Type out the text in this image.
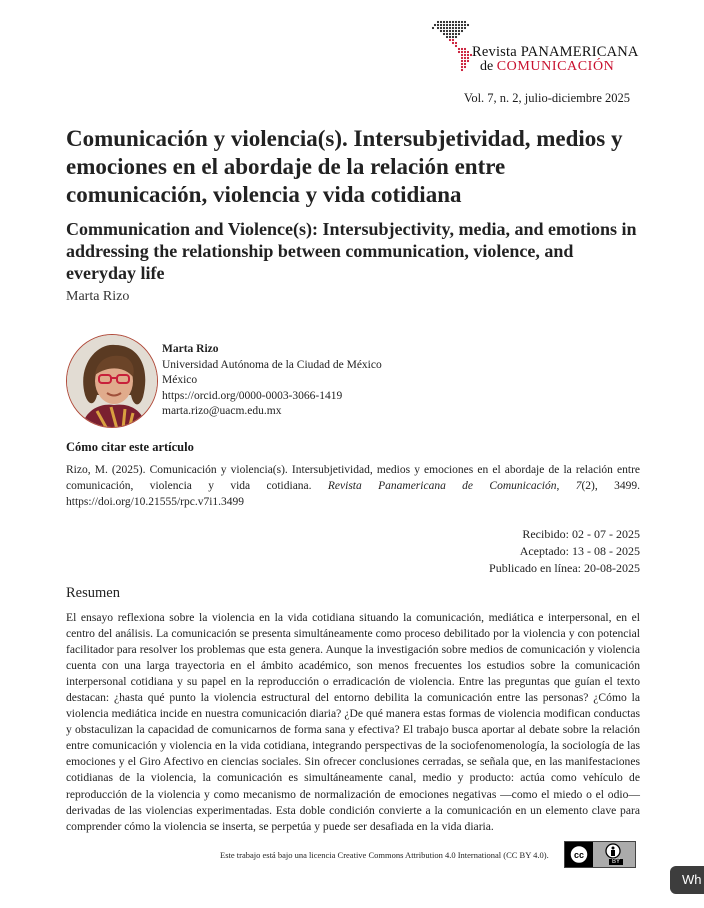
Revista PANAMERICANA
de COMUNICACIÓN
Vol. 7, n. 2, julio-diciembre 2025
Comunicación y violencia(s). Intersubjetividad, medios y emociones en el abordaje de la relación entre comunicación, violencia y vida cotidiana
Communication and Violence(s): Intersubjectivity, media, and emotions in addressing the relationship between communication, violence, and everyday life
Marta Rizo
Marta Rizo
Universidad Autónoma de la Ciudad de México
México
https://orcid.org/0000-0003-3066-1419
marta.rizo@uacm.edu.mx
Cómo citar este artículo

Rizo, M. (2025). Comunicación y violencia(s). Intersubjetividad, medios y emociones en el abordaje de la relación entre comunicación, violencia y vida cotidiana. Revista Panamericana de Comunicación, 7(2), 3499. https://doi.org/10.21555/rpc.v7i1.3499

Recibido: 02 - 07 - 2025
Aceptado: 13 - 08 - 2025
Publicado en línea: 20-08-2025
Resumen

El ensayo reflexiona sobre la violencia en la vida cotidiana situando la comunicación, mediática e interpersonal, en el centro del análisis. La comunicación se presenta simultáneamente como proceso debilitado por la violencia y con potencial facilitador para resolver los problemas que esta genera. Aunque la investigación sobre medios de comunicación y violencia cuenta con una larga trayectoria en el ámbito académico, son menos frecuentes los estudios sobre la comunicación interpersonal cotidiana y su papel en la reproducción o erradicación de violencia. Entre las preguntas que guían el texto destacan: ¿hasta qué punto la violencia estructural del entorno debilita la comunicación entre las personas? ¿Cómo la violencia mediática incide en nuestra comunicación diaria? ¿De qué manera estas formas de violencia modifican conductas y obstaculizan la capacidad de comunicarnos de forma sana y efectiva? El trabajo busca aportar al debate sobre la relación entre comunicación y violencia en la vida cotidiana, integrando perspectivas de la sociofenomenología, la sociología de las emociones y el Giro Afectivo en ciencias sociales. Sin ofrecer conclusiones cerradas, se señala que, en las manifestaciones cotidianas de la violencia, la comunicación es simultáneamente canal, medio y producto: actúa como vehículo de reproducción de la violencia y como mecanismo de normalización de emociones negativas —como el miedo o el odio— derivadas de las violencias experimentadas. Esta doble condición convierte a la comunicación en un elemento clave para comprender cómo la violencia se inserta, se perpetúa y puede ser desafiada en la vida diaria.

Este trabajo está bajo una licencia Creative Commons Attribution 4.0 International (CC BY 4.0).	cc
BY
Wh
